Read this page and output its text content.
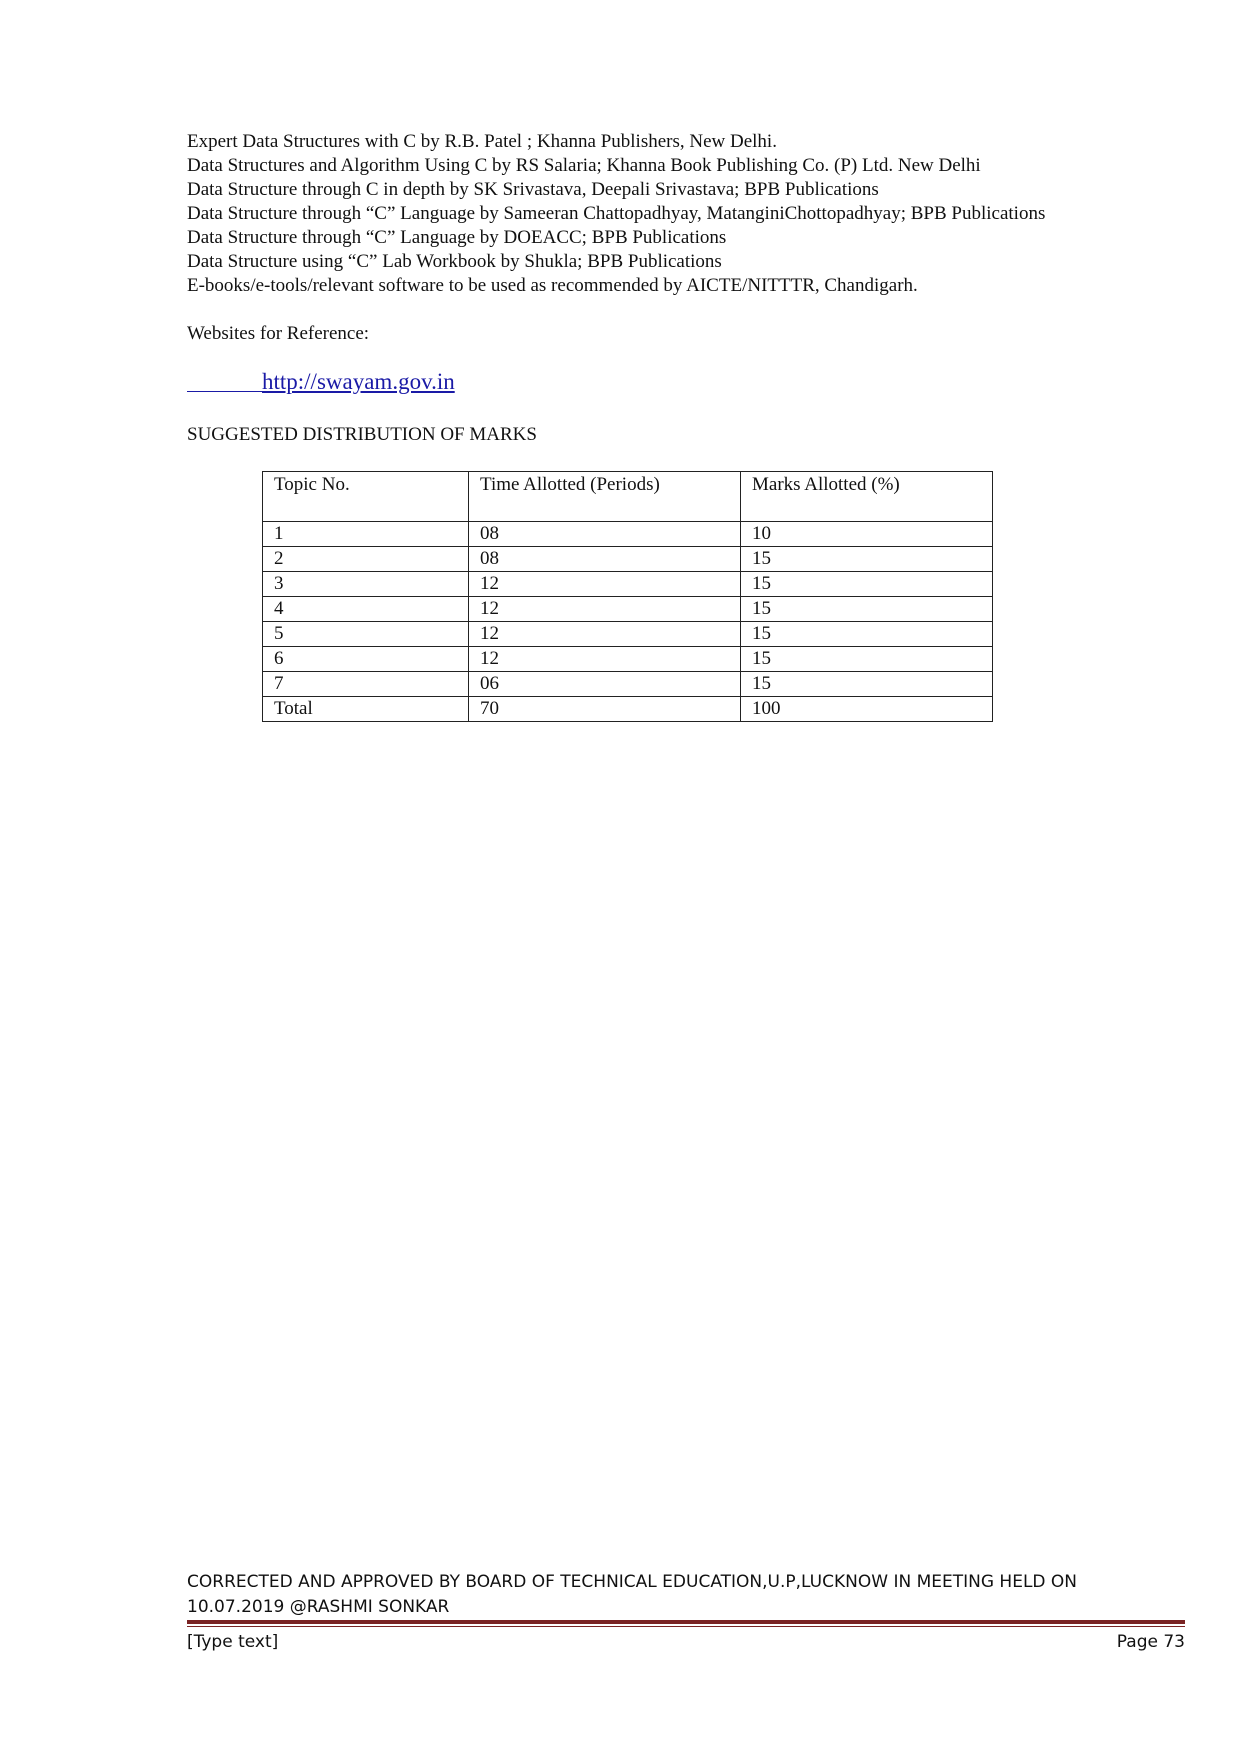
Expert Data Structures with C by R.B. Patel ; Khanna Publishers, New Delhi.
Data Structures and Algorithm Using C by RS Salaria; Khanna Book Publishing Co. (P) Ltd. New Delhi
Data Structure through C in depth by SK Srivastava, Deepali Srivastava; BPB Publications
Data Structure through “C” Language by Sameeran Chattopadhyay, MatanginiChottopadhyay; BPB Publications
Data Structure through “C” Language by DOEACC; BPB Publications
Data Structure using “C” Lab Workbook by Shukla; BPB Publications
E-books/e-tools/relevant software to be used as recommended by AICTE/NITTTR, Chandigarh.
Websites for Reference:
http://swayam.gov.in
SUGGESTED DISTRIBUTION OF MARKS
Topic No.	Time Allotted (Periods)	Marks Allotted (%)
1	08	10
2	08	15
3	12	15
4	12	15
5	12	15
6	12	15
7	06	15
Total	70	100
CORRECTED AND APPROVED BY BOARD OF TECHNICAL EDUCATION,U.P,LUCKNOW IN MEETING HELD ON
10.07.2019 @RASHMI SONKAR
[Type text]	Page 73
